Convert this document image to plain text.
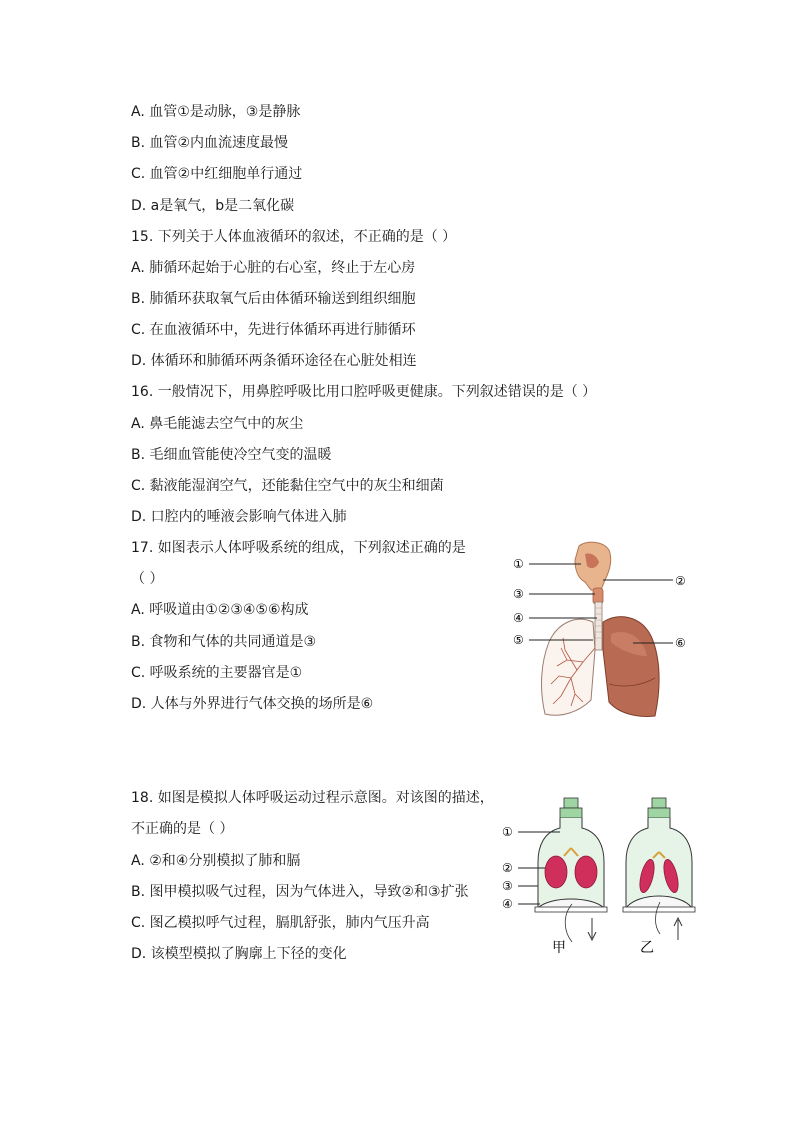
A. 血管①是动脉，③是静脉
B. 血管②内血流速度最慢
C. 血管②中红细胞单行通过
D. a是氧气，b是二氧化碳
15. 下列关于人体血液循环的叙述，不正确的是（ ）
A. 肺循环起始于心脏的右心室，终止于左心房
B. 肺循环获取氧气后由体循环输送到组织细胞
C. 在血液循环中，先进行体循环再进行肺循环
D. 体循环和肺循环两条循环途径在心脏处相连
16. 一般情况下，用鼻腔呼吸比用口腔呼吸更健康。下列叙述错误的是（ ）
A. 鼻毛能滤去空气中的灰尘
B. 毛细血管能使冷空气变的温暖
C. 黏液能湿润空气，还能黏住空气中的灰尘和细菌
D. 口腔内的唾液会影响气体进入肺
17. 如图表示人体呼吸系统的组成，下列叙述正确的是
（ ）
A. 呼吸道由①②③④⑤⑥构成
B. 食物和气体的共同通道是③
C. 呼吸系统的主要器官是①
D. 人体与外界进行气体交换的场所是⑥
①
②
③
④
⑤	⑥
18. 如图是模拟人体呼吸运动过程示意图。对该图的描述，
不正确的是（ ）
A. ②和④分别模拟了肺和膈
B. 图甲模拟吸气过程，因为气体进入，导致②和③扩张
C. 图乙模拟呼气过程，膈肌舒张，肺内气压升高
D. 该模型模拟了胸廓上下径的变化
①
②
③
④
甲	乙
